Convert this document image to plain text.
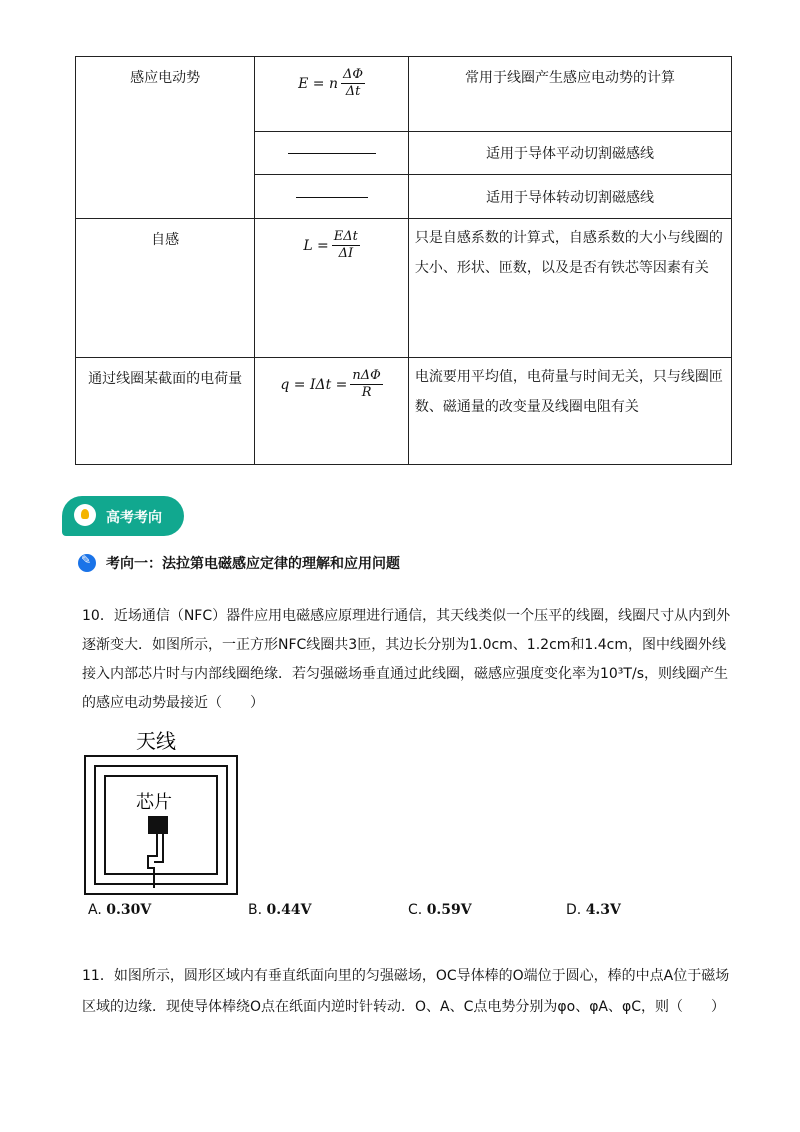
感应电动势	E = n $\frac{\Delta\Phi}{\Delta t}$	常用于线圈产生感应电动势的计算
		适用于导体平动切割磁感线
		适用于导体转动切割磁感线
自感	$L = \frac{\text{EΔt}}{\Delta I}$	只是自感系数的计算式，自感系数的大小与线圈的大小、形状、匝数，以及是否有铁芯等因素有关
通过线圈某截面的电荷量	$q = I\Delta t = \frac{\text{nΔΦ}}{R}$	电流要用平均值，电荷量与时间无关，只与线圈匝数、磁通量的改变量及线圈电阻有关
高考考向
✎
考向一：法拉第电磁感应定律的理解和应用问题
10．近场通信（NFC）器件应用电磁感应原理进行通信，其天线类似一个压平的线圈，线圈尺寸从内到外逐渐变大．如图所示，一正方形NFC线圈共3匝，其边长分别为1.0cm、1.2cm和1.4cm，图中线圈外线接入内部芯片时与内部线圈绝缘．若匀强磁场垂直通过此线圈，磁感应强度变化率为10³T/s，则线圈产生的感应电动势最接近（　　）
天线
芯片
A. 0.30V	B. 0.44V	C. 0.59V	D. 4.3V
11．如图所示，圆形区域内有垂直纸面向里的匀强磁场，OC导体棒的O端位于圆心，棒的中点A位于磁场区域的边缘．现使导体棒绕O点在纸面内逆时针转动．O、A、C点电势分别为φo、φA、φC，则（　　）
